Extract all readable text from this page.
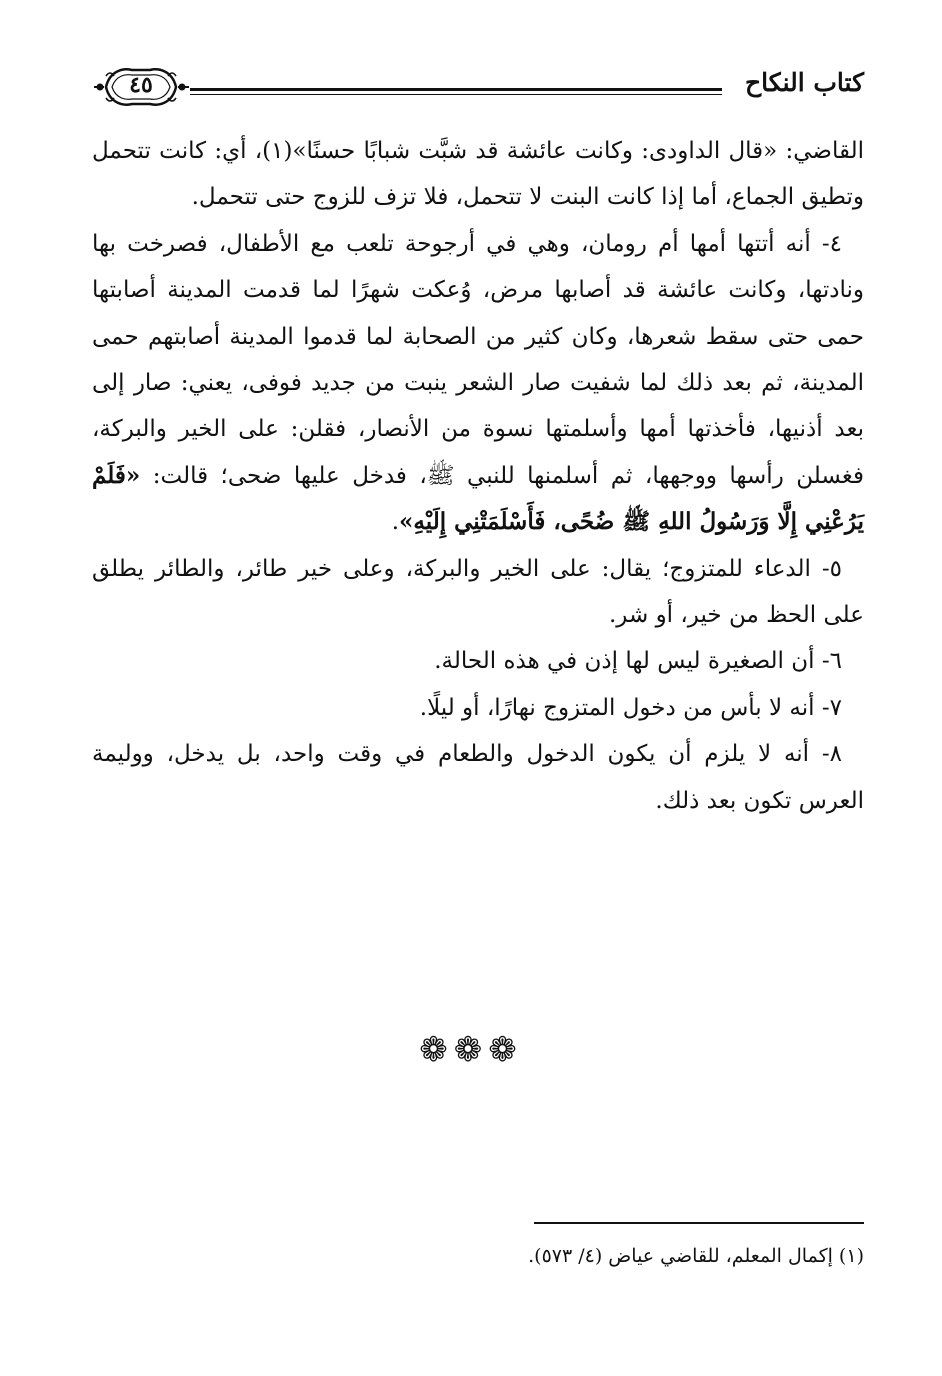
٤٥	كتاب النكاح

القاضي: «قال الداودى: وكانت عائشة قد شبَّت شبابًا حسنًا»(١)، أي: كانت تتحمل وتطيق الجماع، أما إذا كانت البنت لا تتحمل، فلا تزف للزوج حتى تتحمل.

٤- أنه أتتها أمها أم رومان، وهي في أرجوحة تلعب مع الأطفال، فصرخت بها ونادتها، وكانت عائشة قد أصابها مرض، وُعكت شهرًا لما قدمت المدينة أصابتها حمى حتى سقط شعرها، وكان كثير من الصحابة لما قدموا المدينة أصابتهم حمى المدينة، ثم بعد ذلك لما شفيت صار الشعر ينبت من جديد فوفى، يعني: صار إلى بعد أذنيها، فأخذتها أمها وأسلمتها نسوة من الأنصار، فقلن: على الخير والبركة، فغسلن رأسها ووجهها، ثم أسلمنها للنبي ﷺ، فدخل عليها ضحى؛ قالت: «فَلَمْ يَرُعْنِي إِلَّا وَرَسُولُ اللهِ ﷺ ضُحًى، فَأَسْلَمَتْنِي إِلَيْهِ».

٥- الدعاء للمتزوج؛ يقال: على الخير والبركة، وعلى خير طائر، والطائر يطلق على الحظ من خير، أو شر.

٦- أن الصغيرة ليس لها إذن في هذه الحالة.

٧- أنه لا بأس من دخول المتزوج نهارًا، أو ليلًا.

٨- أنه لا يلزم أن يكون الدخول والطعام في وقت واحد، بل يدخل، ووليمة العرس تكون بعد ذلك.

❁❁❁
(١) إكمال المعلم، للقاضي عياض (٤/ ٥٧٣).
